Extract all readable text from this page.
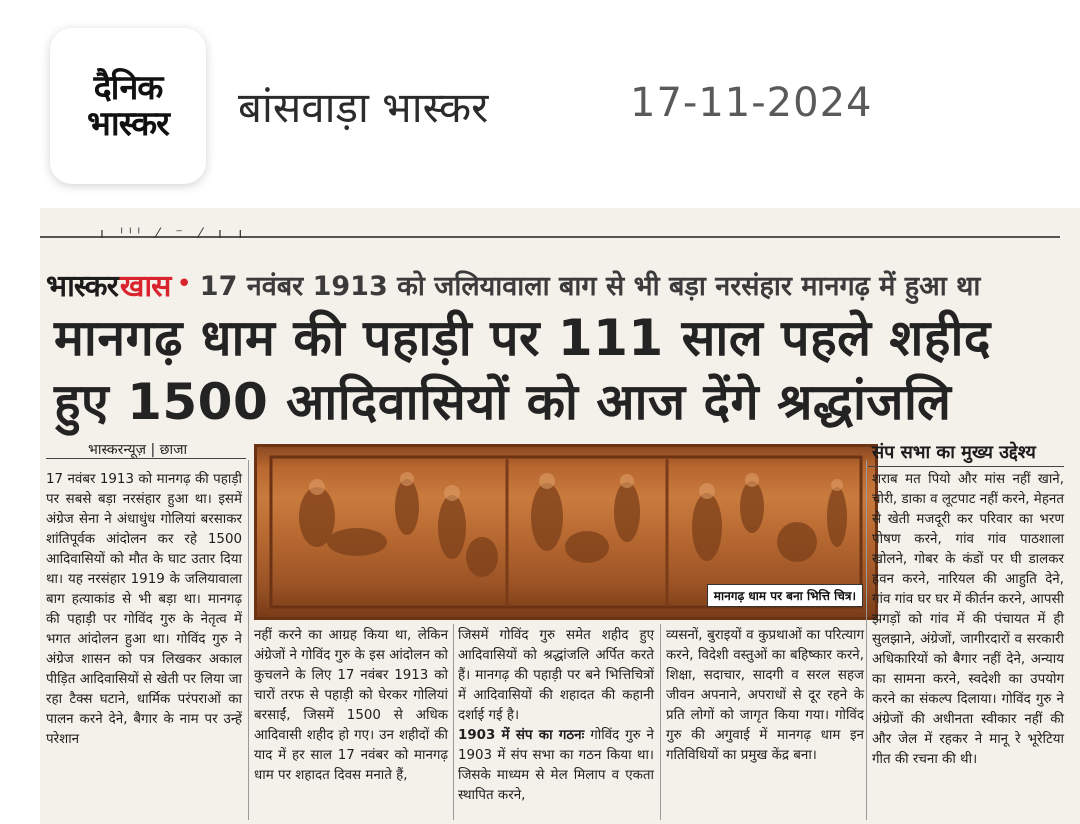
दैनिक
भास्कर बांसवाड़ा भास्कर	17-11-2024
ı ᴵᴵᴵ ⁄ ⁻ ⁄ ı ı
भास्कर खास • 17 नवंबर 1913 को जलियावाला बाग से भी बड़ा नरसंहार मानगढ़ में हुआ था
मानगढ़ धाम की पहाड़ी पर 111 साल पहले शहीद
हुए 1500 आदिवासियों को आज देंगे श्रद्धांजलि
भास्करन्यूज़ | छाजा
17 नवंबर 1913 को मानगढ़ की पहाड़ी पर सबसे बड़ा नरसंहार हुआ था। इसमें अंग्रेज सेना ने अंधाधुंध गोलियां बरसाकर शांतिपूर्वक आंदोलन कर रहे 1500 आदिवासियों को मौत के घाट उतार दिया था। यह नरसंहार 1919 के जलियावाला बाग हत्याकांड से भी बड़ा था। मानगढ़ की पहाड़ी पर गोविंद गुरु के नेतृत्व में भगत आंदोलन हुआ था। गोविंद गुरु ने अंग्रेज शासन को पत्र लिखकर अकाल पीड़ित आदिवासियों से खेती पर लिया जा रहा टैक्स घटाने, धार्मिक परंपराओं का पालन करने देने, बैगार के नाम पर उन्हें परेशान
मानगढ़ धाम पर बना भित्ति चित्र।
नहीं करने का आग्रह किया था, लेकिन अंग्रेजों ने गोविंद गुरु के इस आंदोलन को कुचलने के लिए 17 नवंबर 1913 को चारों तरफ से पहाड़ी को घेरकर गोलियां बरसाईं, जिसमें 1500 से अधिक आदिवासी शहीद हो गए। उन शहीदों की याद में हर साल 17 नवंबर को मानगढ़ धाम पर शहादत दिवस मनाते हैं,
जिसमें गोविंद गुरु समेत शहीद हुए आदिवासियों को श्रद्धांजलि अर्पित करते हैं। मानगढ़ की पहाड़ी पर बने भित्तिचित्रों में आदिवासियों की शहादत की कहानी दर्शाई गई है।
1903 में संप का गठनः गोविंद गुरु ने 1903 में संप सभा का गठन किया था। जिसके माध्यम से मेल मिलाप व एकता स्थापित करने,
व्यसनों, बुराइयों व कुप्रथाओं का परित्याग करने, विदेशी वस्तुओं का बहिष्कार करने, शिक्षा, सदाचार, सादगी व सरल सहज जीवन अपनाने, अपराधों से दूर रहने के प्रति लोगों को जागृत किया गया। गोविंद गुरु की अगुवाई में मानगढ़ धाम इन गतिविधियों का प्रमुख केंद्र बना।
संप सभा का मुख्य उद्देश्य
शराब मत पियो और मांस नहीं खाने, चोरी, डाका व लूटपाट नहीं करने, मेहनत से खेती मजदूरी कर परिवार का भरण पोषण करने, गांव गांव पाठशाला खोलने, गोबर के कंडों पर घी डालकर हवन करने, नारियल की आहुति देने, गांव गांव घर घर में कीर्तन करने, आपसी झगड़ों को गांव में की पंचायत में ही सुलझाने, अंग्रेजों, जागीरदारों व सरकारी अधिकारियों को बैगार नहीं देने, अन्याय का सामना करने, स्वदेशी का उपयोग करने का संकल्प दिलाया। गोविंद गुरु ने अंग्रेजों की अधीनता स्वीकार नहीं की और जेल में रहकर ने मानू रे भूरेटिया गीत की रचना की थी।
